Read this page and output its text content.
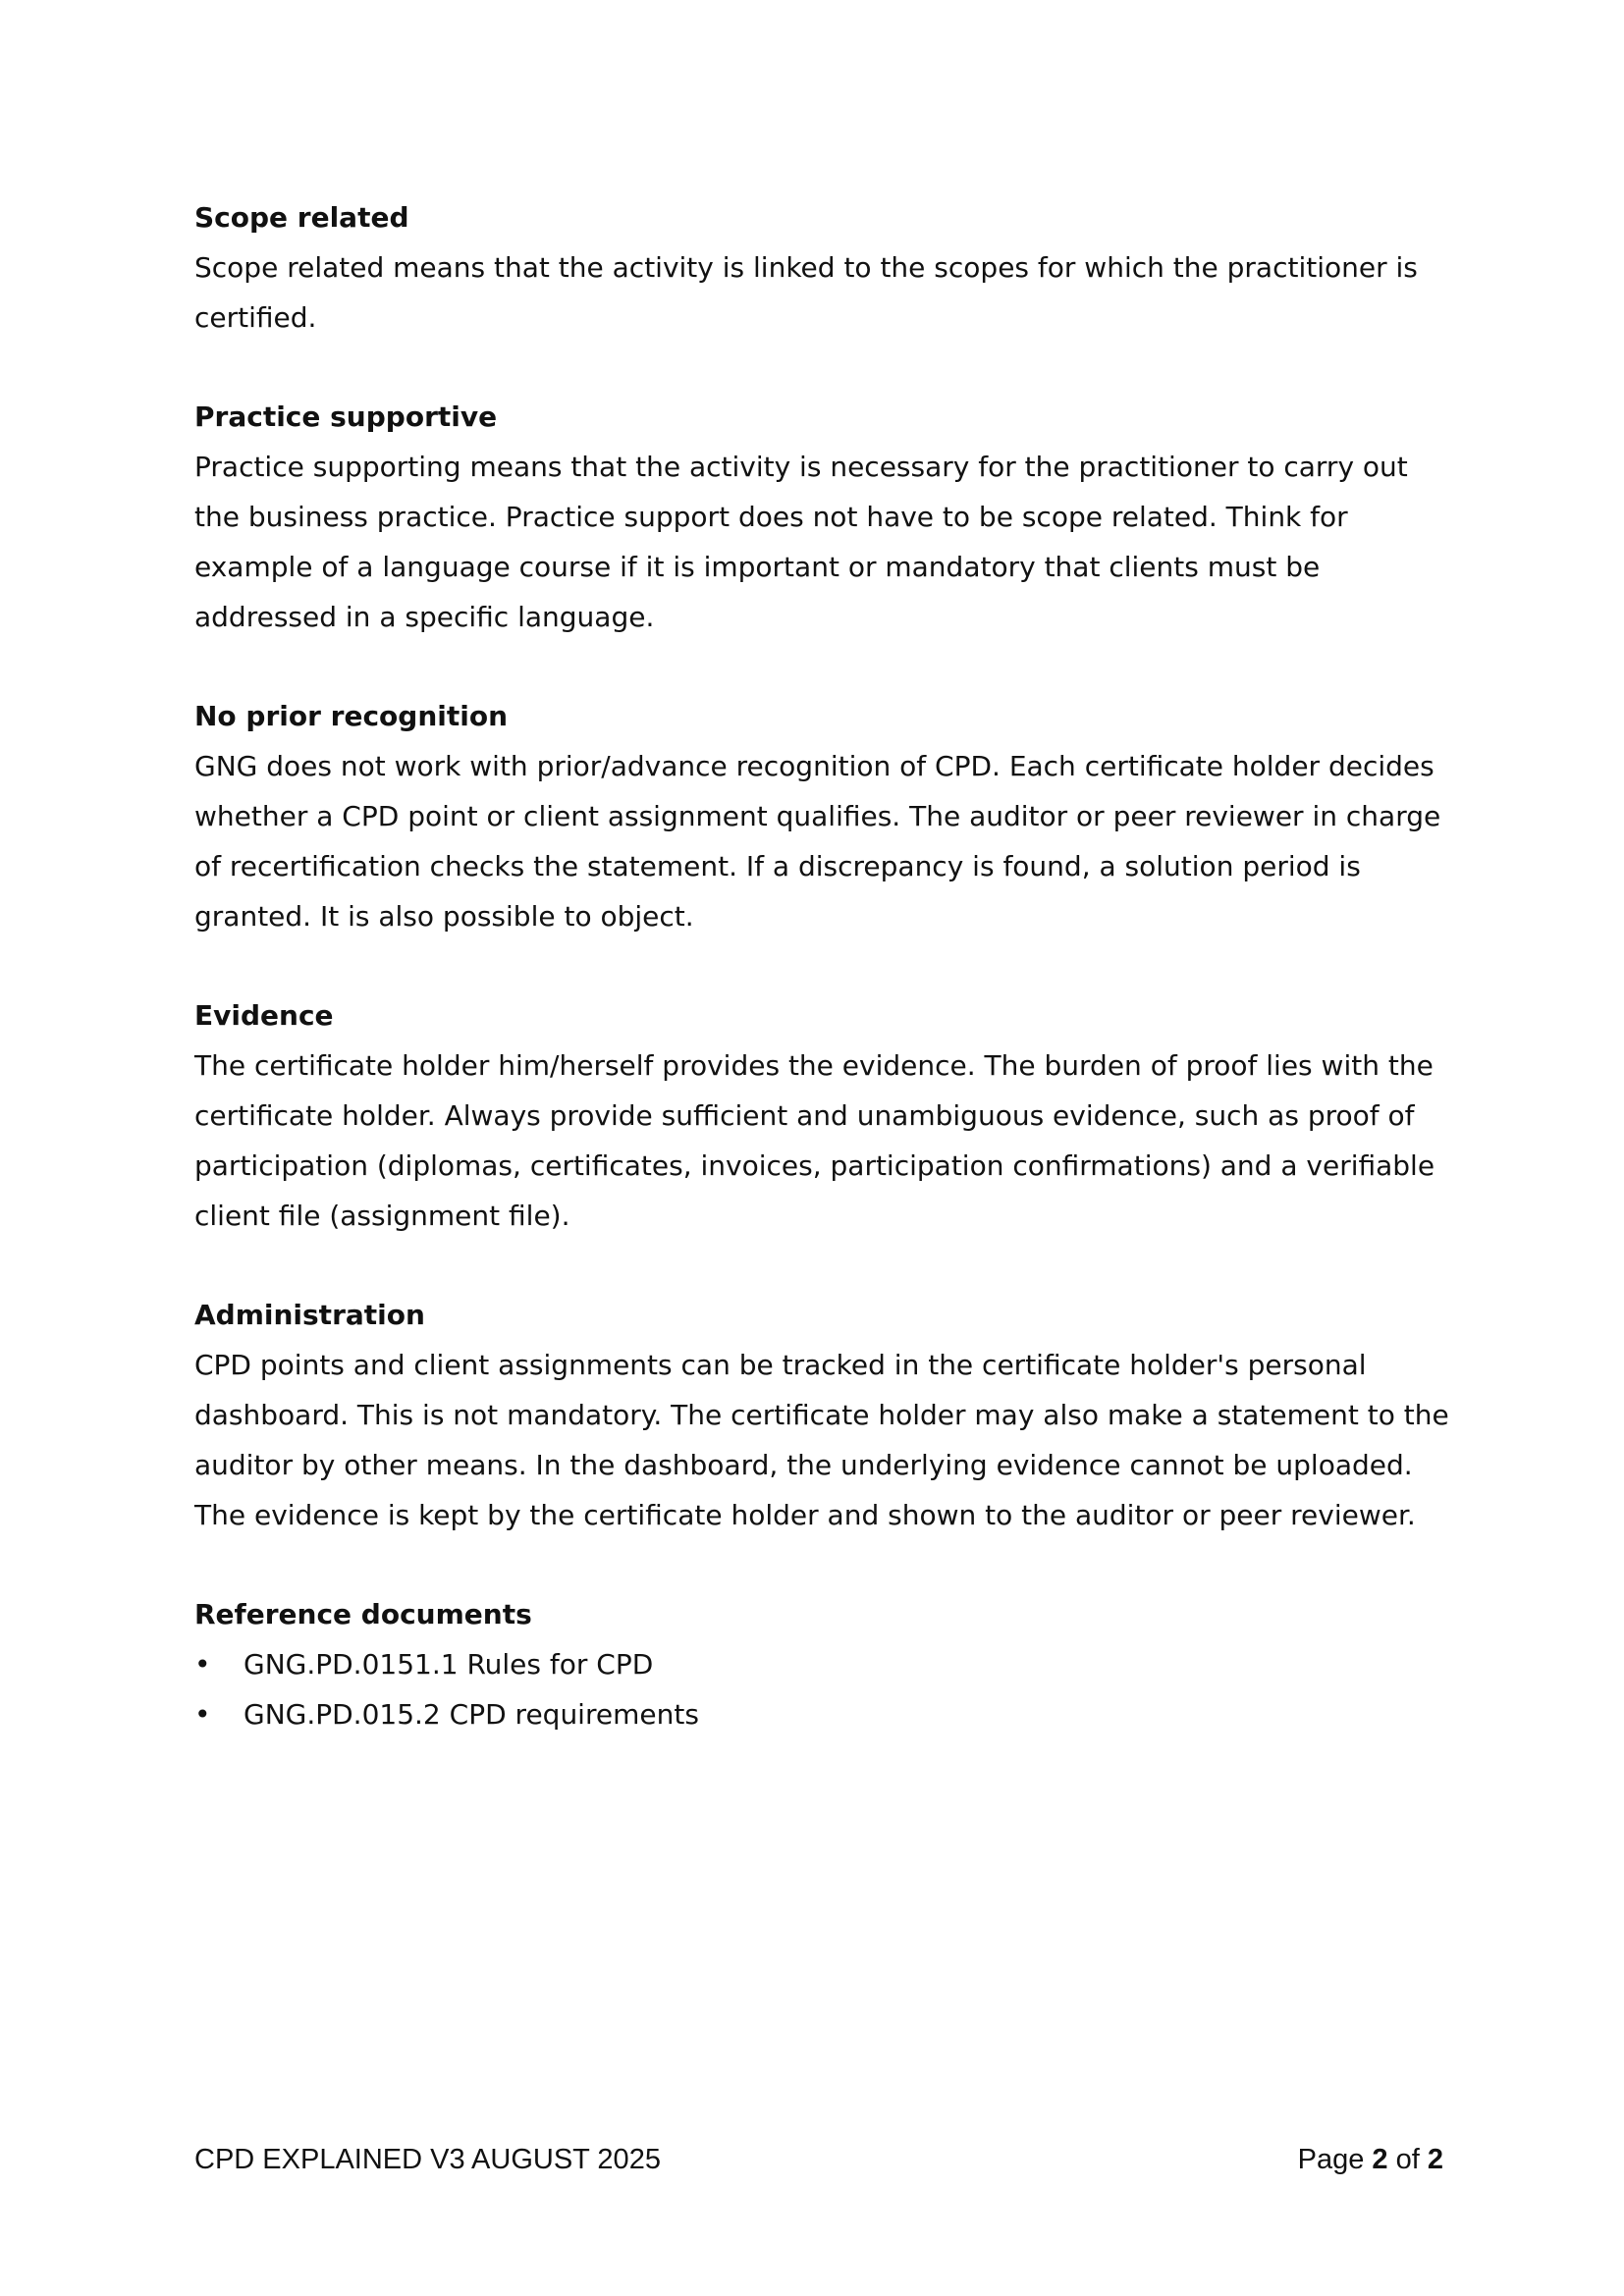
Scope related

Scope related means that the activity is linked to the scopes for which the practitioner is certified.

Practice supportive

Practice supporting means that the activity is necessary for the practitioner to carry out the business practice. Practice support does not have to be scope related. Think for example of a language course if it is important or mandatory that clients must be addressed in a specific language.

No prior recognition

GNG does not work with prior/advance recognition of CPD. Each certificate holder decides whether a CPD point or client assignment qualifies. The auditor or peer reviewer in charge of recertification checks the statement. If a discrepancy is found, a solution period is granted. It is also possible to object.

Evidence

The certificate holder him/herself provides the evidence. The burden of proof lies with the certificate holder. Always provide sufficient and unambiguous evidence, such as proof of participation (diplomas, certificates, invoices, participation confirmations) and a verifiable client file (assignment file).

Administration

CPD points and client assignments can be tracked in the certificate holder's personal dashboard. This is not mandatory. The certificate holder may also make a statement to the auditor by other means. In the dashboard, the underlying evidence cannot be uploaded. The evidence is kept by the certificate holder and shown to the auditor or peer reviewer.

Reference documents

•	GNG.PD.0151.1 Rules for CPD
•	GNG.PD.015.2 CPD requirements
CPD EXPLAINED V3 AUGUST 2025	Page 2 of 2
